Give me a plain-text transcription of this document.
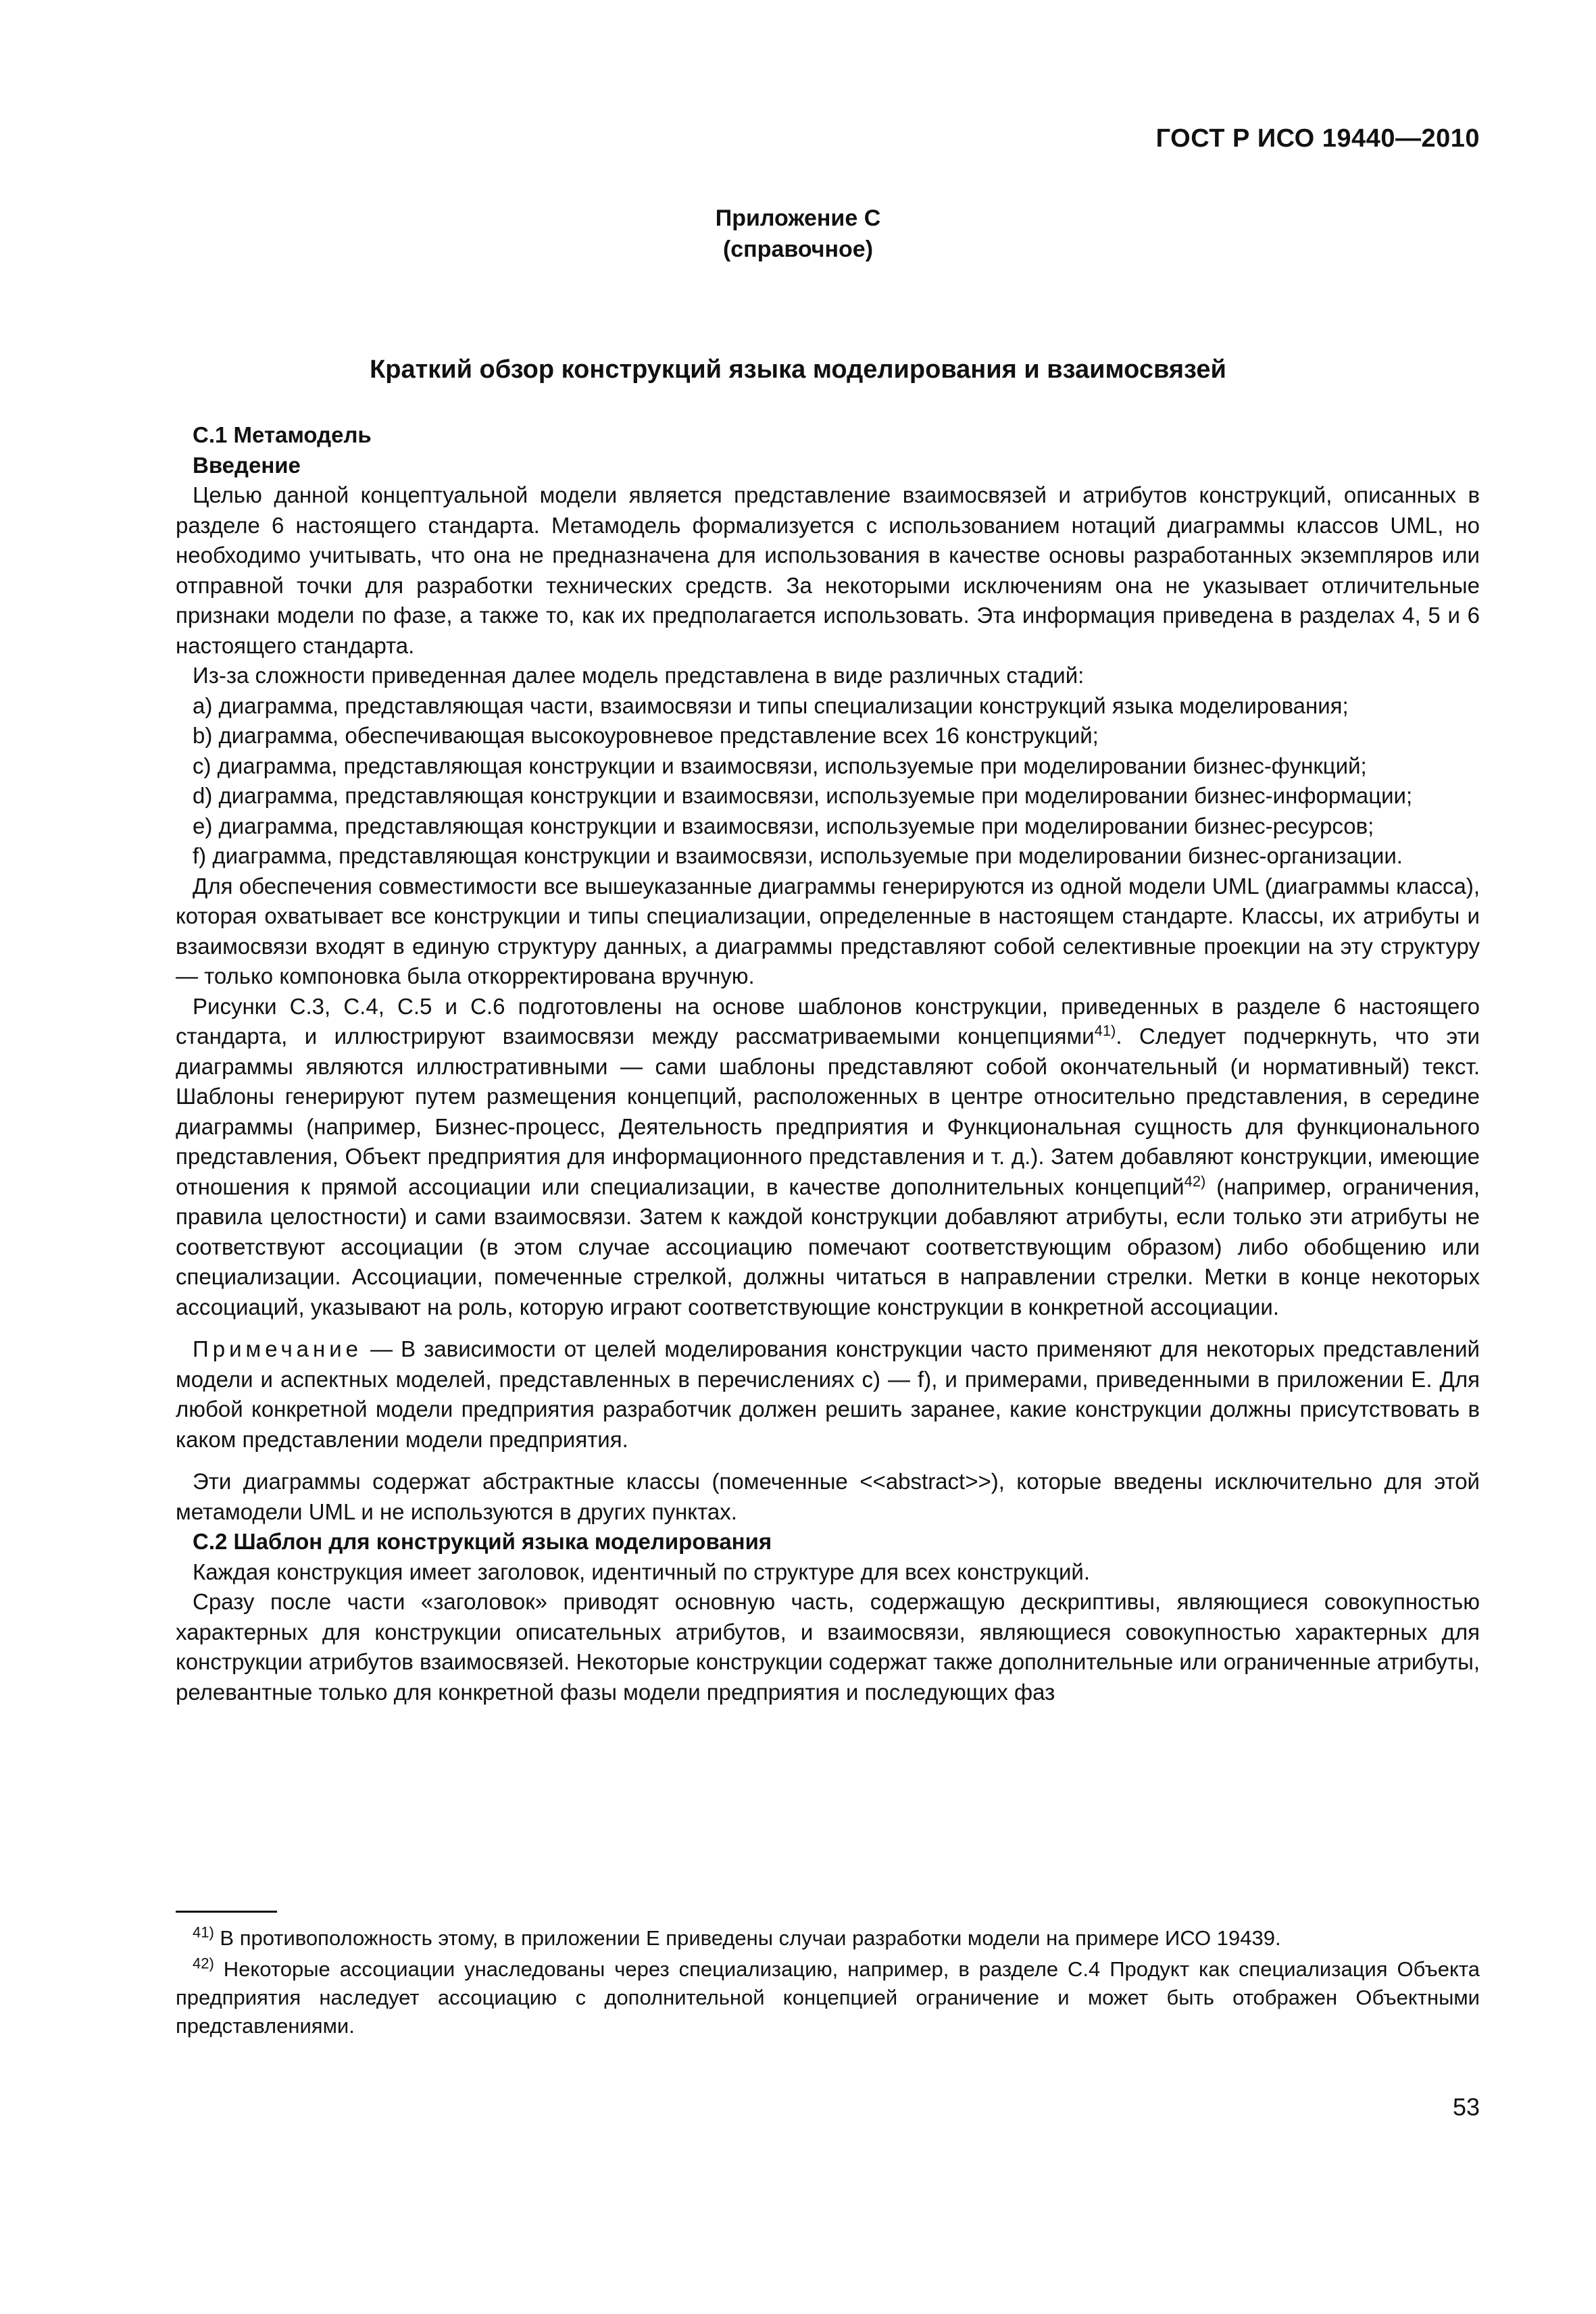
ГОСТ Р ИСО 19440—2010
Приложение С
(справочное)
Краткий обзор конструкций языка моделирования и взаимосвязей

С.1 Метамодель

Введение

Целью данной концептуальной модели является представление взаимосвязей и атрибутов конструкций, описанных в разделе 6 настоящего стандарта. Метамодель формализуется с использованием нотаций диаграммы классов UML, но необходимо учитывать, что она не предназначена для использования в качестве основы разработанных экземпляров или отправной точки для разработки технических средств. За некоторыми исключениям она не указывает отличительные признаки модели по фазе, а также то, как их предполагается использовать. Эта информация приведена в разделах 4, 5 и 6 настоящего стандарта.

Из-за сложности приведенная далее модель представлена в виде различных стадий:

а) диаграмма, представляющая части, взаимосвязи и типы специализации конструкций языка моделирования;

b) диаграмма, обеспечивающая высокоуровневое представление всех 16 конструкций;

с) диаграмма, представляющая конструкции и взаимосвязи, используемые при моделировании бизнес-функций;

d) диаграмма, представляющая конструкции и взаимосвязи, используемые при моделировании бизнес-информации;

е) диаграмма, представляющая конструкции и взаимосвязи, используемые при моделировании бизнес-ресурсов;

f) диаграмма, представляющая конструкции и взаимосвязи, используемые при моделировании бизнес-организации.

Для обеспечения совместимости все вышеуказанные диаграммы генерируются из одной модели UML (диаграммы класса), которая охватывает все конструкции и типы специализации, определенные в настоящем стандарте. Классы, их атрибуты и взаимосвязи входят в единую структуру данных, а диаграммы представляют собой селективные проекции на эту структуру — только компоновка была откорректирована вручную.

Рисунки С.3, С.4, С.5 и С.6 подготовлены на основе шаблонов конструкции, приведенных в разделе 6 настоящего стандарта, и иллюстрируют взаимосвязи между рассматриваемыми концепциями$^{41)}$. Следует подчеркнуть, что эти диаграммы являются иллюстративными — сами шаблоны представляют собой окончательный (и нормативный) текст. Шаблоны генерируют путем размещения концепций, расположенных в центре относительно представления, в середине диаграммы (например, Бизнес-процесс, Деятельность предприятия и Функциональная сущность для функционального представления, Объект предприятия для информационного представления и т. д.). Затем добавляют конструкции, имеющие отношения к прямой ассоциации или специализации, в качестве дополнительных концепций$^{42)}$ (например, ограничения, правила целостности) и сами взаимосвязи. Затем к каждой конструкции добавляют атрибуты, если только эти атрибуты не соответствуют ассоциации (в этом случае ассоциацию помечают соответствующим образом) либо обобщению или специализации. Ассоциации, помеченные стрелкой, должны читаться в направлении стрелки. Метки в конце некоторых ассоциаций, указывают на роль, которую играют соответствующие конструкции в конкретной ассоциации.

Примечание — В зависимости от целей моделирования конструкции часто применяют для некоторых представлений модели и аспектных моделей, представленных в перечислениях с) — f), и примерами, приведенными в приложении Е. Для любой конкретной модели предприятия разработчик должен решить заранее, какие конструкции должны присутствовать в каком представлении модели предприятия.

Эти диаграммы содержат абстрактные классы (помеченные <<abstract>>), которые введены исключительно для этой метамодели UML и не используются в других пунктах.

С.2 Шаблон для конструкций языка моделирования

Каждая конструкция имеет заголовок, идентичный по структуре для всех конструкций.

Сразу после части «заголовок» приводят основную часть, содержащую дескриптивы, являющиеся совокупностью характерных для конструкции описательных атрибутов, и взаимосвязи, являющиеся совокупностью характерных для конструкции атрибутов взаимосвязей. Некоторые конструкции содержат также дополнительные или ограниченные атрибуты, релевантные только для конкретной фазы модели предприятия и последующих фаз

$^{41)}$ В противоположность этому, в приложении Е приведены случаи разработки модели на примере ИСО 19439.

$^{42)}$ Некоторые ассоциации унаследованы через специализацию, например, в разделе С.4 Продукт как специализация Объекта предприятия наследует ассоциацию с дополнительной концепцией ограничение и может быть отображен Объектными представлениями.

53
